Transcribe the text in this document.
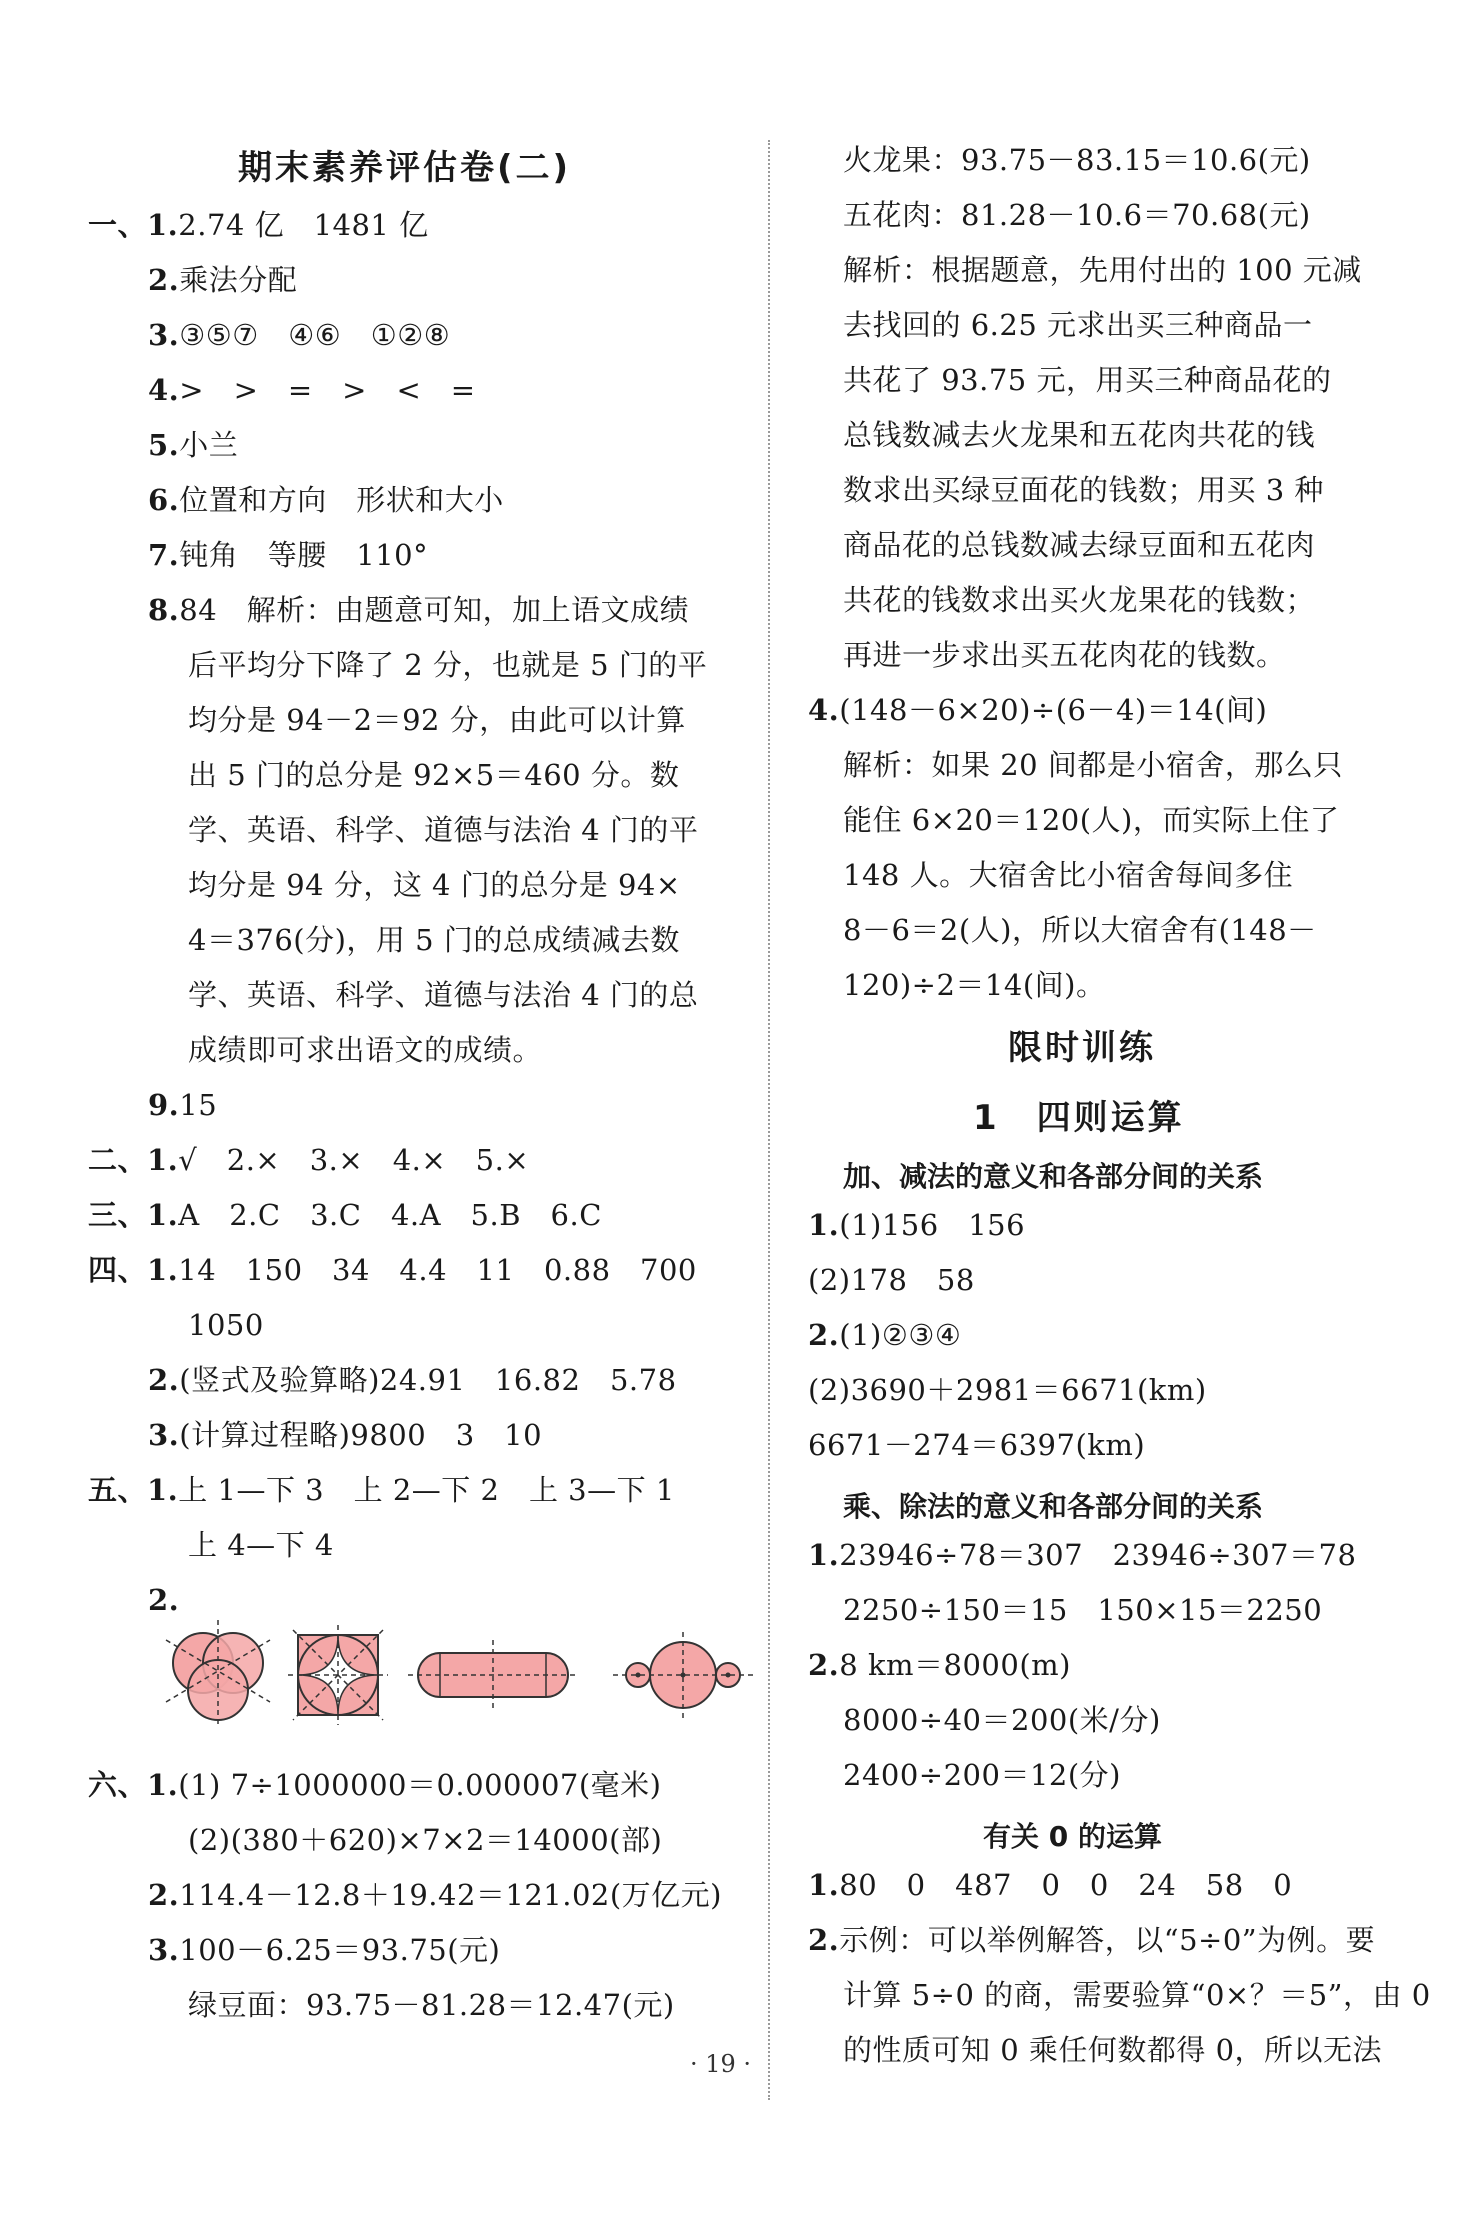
期末素养评估卷(二)
一、1.2.74 亿　1481 亿
2.乘法分配
3.③⑤⑦　④⑥　①②⑧
4.>　>　=　>　<　=
5.小兰
6.位置和方向　形状和大小
7.钝角　等腰　110°
8.84　解析：由题意可知，加上语文成绩
后平均分下降了 2 分，也就是 5 门的平
均分是 94－2＝92 分，由此可以计算
出 5 门的总分是 92×5＝460 分。数
学、英语、科学、道德与法治 4 门的平
均分是 94 分，这 4 门的总分是 94×
4＝376(分)，用 5 门的总成绩减去数
学、英语、科学、道德与法治 4 门的总
成绩即可求出语文的成绩。
9.15
二、1.√　2.×　3.×　4.×　5.×
三、1.A　2.C　3.C　4.A　5.B　6.C
四、1.14　150　34　4.4　11　0.88　700
1050
2.(竖式及验算略)24.91　16.82　5.78
3.(计算过程略)9800　3　10
五、1.上 1—下 3　上 2—下 2　上 3—下 1
上 4—下 4
2.
六、1.(1) 7÷1000000＝0.000007(毫米)
(2)(380＋620)×7×2＝14000(部)
2.114.4－12.8＋19.42＝121.02(万亿元)
3.100－6.25＝93.75(元)
绿豆面：93.75－81.28＝12.47(元)
火龙果：93.75－83.15＝10.6(元)
五花肉：81.28－10.6＝70.68(元)
解析：根据题意，先用付出的 100 元减
去找回的 6.25 元求出买三种商品一
共花了 93.75 元，用买三种商品花的
总钱数减去火龙果和五花肉共花的钱
数求出买绿豆面花的钱数；用买 3 种
商品花的总钱数减去绿豆面和五花肉
共花的钱数求出买火龙果花的钱数；
再进一步求出买五花肉花的钱数。
4.(148－6×20)÷(6－4)＝14(间)
解析：如果 20 间都是小宿舍，那么只
能住 6×20＝120(人)，而实际上住了
148 人。大宿舍比小宿舍每间多住
8－6＝2(人)，所以大宿舍有(148－
120)÷2＝14(间)。
限时训练
1　四则运算
加、减法的意义和各部分间的关系
1.(1)156　156
(2)178　58
2.(1)②③④
(2)3690＋2981＝6671(km)
6671－274＝6397(km)
乘、除法的意义和各部分间的关系
1.23946÷78＝307　23946÷307＝78
2250÷150＝15　150×15＝2250
2.8 km＝8000(m)
8000÷40＝200(米/分)
2400÷200＝12(分)
有关 0 的运算
1.80　0　487　0　0　24　58　0
2.示例：可以举例解答，以“5÷0”为例。要
计算 5÷0 的商，需要验算“0×？＝5”，由 0
的性质可知 0 乘任何数都得 0，所以无法
· 19 ·
